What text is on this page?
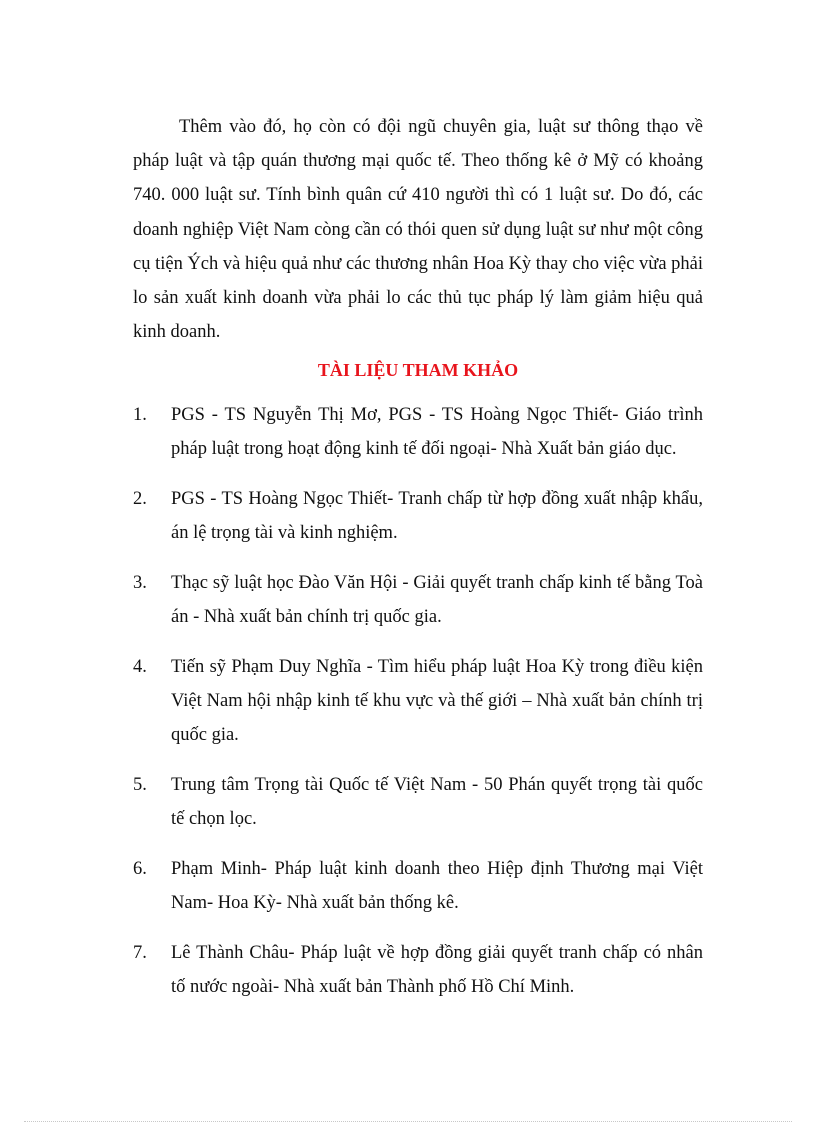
Thêm vào đó, họ còn có đội ngũ chuyên gia, luật sư thông thạo về pháp luật và tập quán thương mại quốc tế. Theo thống kê ở Mỹ có khoảng 740. 000 luật sư. Tính bình quân cứ 410 người thì có 1 luật sư. Do đó, các doanh nghiệp Việt Nam còng cần có thói quen sử dụng luật sư như một công cụ tiện Ých và hiệu quả như các thương nhân Hoa Kỳ thay cho việc vừa phải lo sản xuất kinh doanh vừa phải lo các thủ tục pháp lý làm giảm hiệu quả kinh doanh.

TÀI LIỆU THAM KHẢO
1. PGS - TS Nguyễn Thị Mơ, PGS - TS Hoàng Ngọc Thiết- Giáo trình pháp luật trong hoạt động kinh tế đối ngoại- Nhà Xuất bản giáo dục.
2. PGS - TS Hoàng Ngọc Thiết- Tranh chấp từ hợp đồng xuất nhập khẩu, án lệ trọng tài và kinh nghiệm.
3. Thạc sỹ luật học Đào Văn Hội - Giải quyết tranh chấp kinh tế bằng Toà án - Nhà xuất bản chính trị quốc gia.
4. Tiến sỹ Phạm Duy Nghĩa - Tìm hiểu pháp luật Hoa Kỳ trong điều kiện Việt Nam hội nhập kinh tế khu vực và thế giới – Nhà xuất bản chính trị quốc gia.
5. Trung tâm Trọng tài Quốc tế Việt Nam - 50 Phán quyết trọng tài quốc tế chọn lọc.
6. Phạm Minh- Pháp luật kinh doanh theo Hiệp định Thương mại Việt Nam- Hoa Kỳ- Nhà xuất bản thống kê.
7. Lê Thành Châu- Pháp luật về hợp đồng giải quyết tranh chấp có nhân tố nước ngoài- Nhà xuất bản Thành phố Hồ Chí Minh.
